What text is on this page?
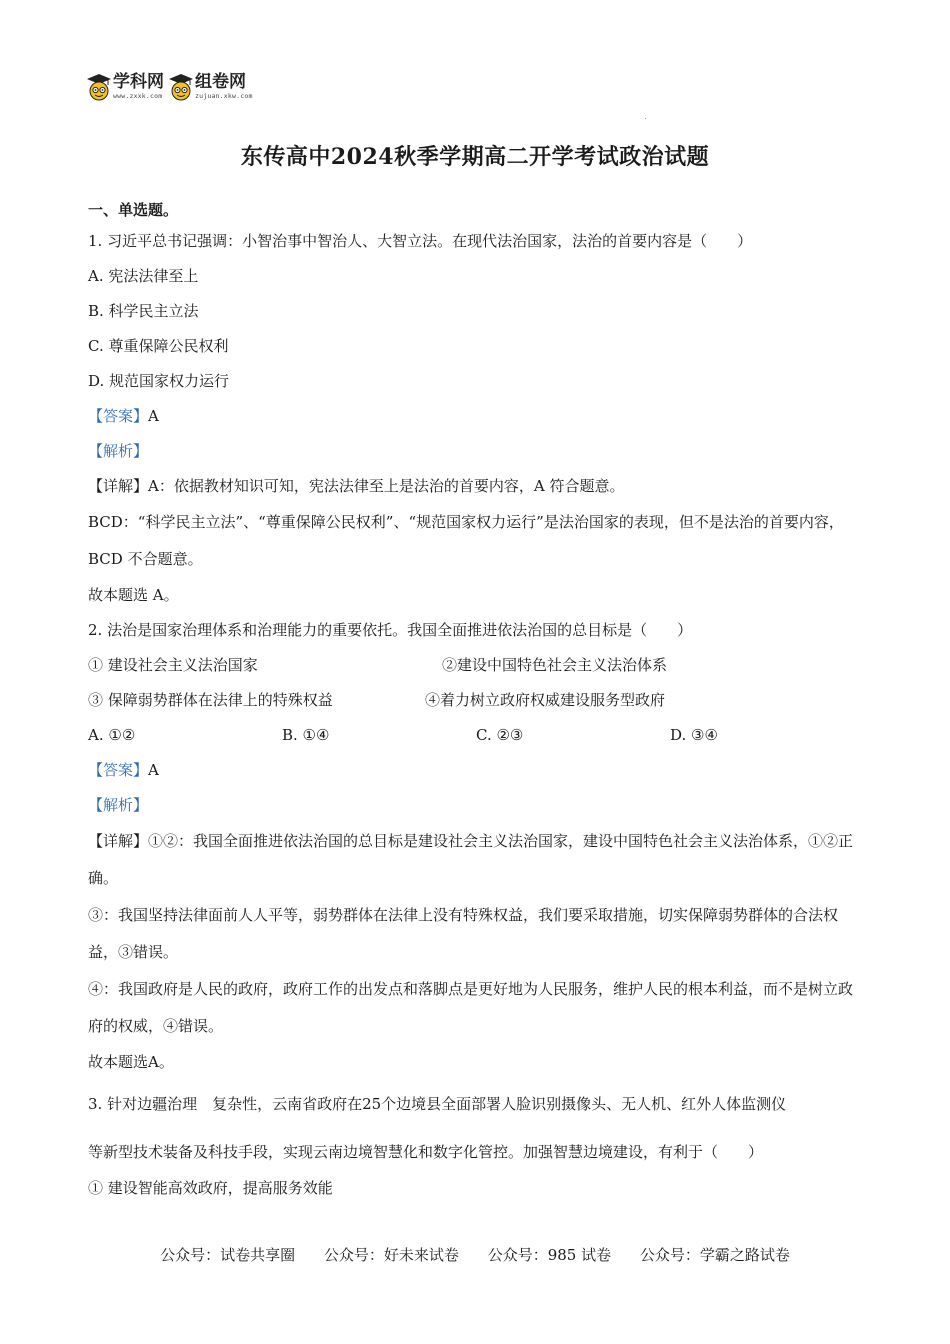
学科网
www.zxxk.com
组卷网
zujuan.xkw.com
东传高中2024秋季学期高二开学考试政治试题

一、单选题。

1. 习近平总书记强调：小智治事中智治人、大智立法。在现代法治国家，法治的首要内容是（　　）

A. 宪法法律至上

B. 科学民主立法

C. 尊重保障公民权利

D. 规范国家权力运行

【答案】A

【解析】

【详解】A：依据教材知识可知，宪法法律至上是法治的首要内容，A 符合题意。

BCD：“科学民主立法”、“尊重保障公民权利”、“规范国家权力运行”是法治国家的表现，但不是法治的首要内容，BCD 不合题意。

故本题选 A。

2. 法治是国家治理体系和治理能力的重要依托。我国全面推进依法治国的总目标是（　　）

① 建设社会主义法治国家	②建设中国特色社会主义法治体系

③ 保障弱势群体在法律上的特殊权益	④着力树立政府权威建设服务型政府

A. ①②	B. ①④	C. ②③	D. ③④

【答案】A

【解析】

【详解】①②：我国全面推进依法治国的总目标是建设社会主义法治国家，建设中国特色社会主义法治体系，①②正确。

③：我国坚持法律面前人人平等，弱势群体在法律上没有特殊权益，我们要采取措施，切实保障弱势群体的合法权益，③错误。

④：我国政府是人民的政府，政府工作的出发点和落脚点是更好地为人民服务，维护人民的根本利益，而不是树立政府的权威，④错误。

故本题选A。

3. 针对边疆治理　复杂性，云南省政府在25个边境县全面部署人脸识别摄像头、无人机、红外人体监测仪

等新型技术装备及科技手段，实现云南边境智慧化和数字化管控。加强智慧边境建设，有利于（　　）

① 建设智能高效政府，提高服务效能

公众号：试卷共享圈 公众号：好未来试卷 公众号：985 试卷 公众号：学霸之路试卷
